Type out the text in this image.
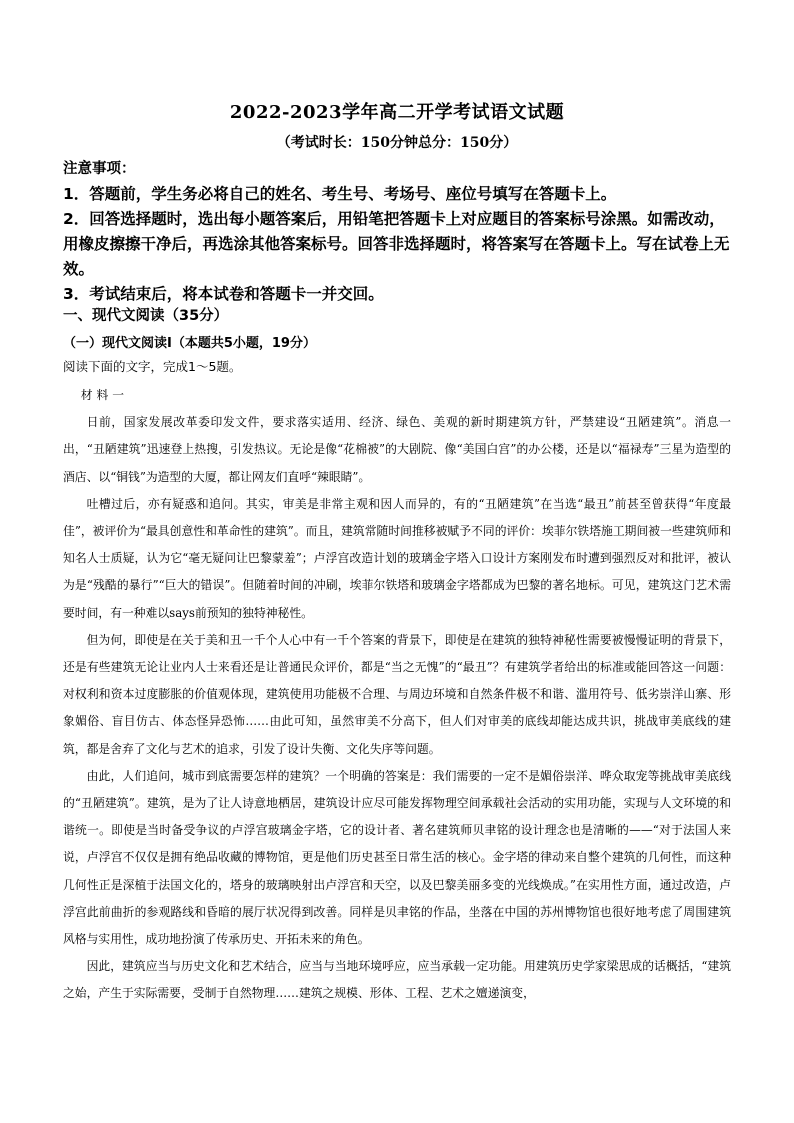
2022-2023学年高二开学考试语文试题
（考试时长：150分钟总分：150分）

注意事项：

1．答题前，学生务必将自己的姓名、考生号、考场号、座位号填写在答题卡上。

2．回答选择题时，选出每小题答案后，用铅笔把答题卡上对应题目的答案标号涂黑。如需改动，用橡皮擦擦干净后，再选涂其他答案标号。回答非选择题时，将答案写在答题卡上。写在试卷上无效。

3．考试结束后，将本试卷和答题卡一并交回。

一、现代文阅读（35分）
（一）现代文阅读I（本题共5小题，19分）
阅读下面的文字，完成1～5题。

材料一

日前，国家发展改革委印发文件，要求落实适用、经济、绿色、美观的新时期建筑方针，严禁建设“丑陋建筑”。消息一出，“丑陋建筑”迅速登上热搜，引发热议。无论是像“花棉被”的大剧院、像“美国白宫”的办公楼，还是以“福禄寿”三星为造型的酒店、以“铜钱”为造型的大厦，都让网友们直呼“辣眼睛”。

吐槽过后，亦有疑惑和追问。其实，审美是非常主观和因人而异的，有的“丑陋建筑”在当选“最丑”前甚至曾获得“年度最佳”，被评价为“最具创意性和革命性的建筑”。而且，建筑常随时间推移被赋予不同的评价：埃菲尔铁塔施工期间被一些建筑师和知名人士质疑，认为它“毫无疑问让巴黎蒙羞”；卢浮宫改造计划的玻璃金字塔入口设计方案刚发布时遭到强烈反对和批评，被认为是“残酷的暴行”“巨大的错误”。但随着时间的冲刷，埃菲尔铁塔和玻璃金字塔都成为巴黎的著名地标。可见，建筑这门艺术需要时间，有一种难以says前预知的独特神秘性。

但为何，即使是在关于美和丑一千个人心中有一千个答案的背景下，即使是在建筑的独特神秘性需要被慢慢证明的背景下，还是有些建筑无论让业内人士来看还是让普通民众评价，都是“当之无愧”的“最丑”？有建筑学者给出的标准或能回答这一问题：对权利和资本过度膨胀的价值观体现，建筑使用功能极不合理、与周边环境和自然条件极不和谐、滥用符号、低劣崇洋山寨、形象媚俗、盲目仿古、体态怪异恐怖……由此可知，虽然审美不分高下，但人们对审美的底线却能达成共识，挑战审美底线的建筑，都是舍弃了文化与艺术的追求，引发了设计失衡、文化失序等问题。

由此，人们追问，城市到底需要怎样的建筑？一个明确的答案是：我们需要的一定不是媚俗崇洋、哗众取宠等挑战审美底线的“丑陋建筑”。建筑，是为了让人诗意地栖居，建筑设计应尽可能发挥物理空间承载社会活动的实用功能，实现与人文环境的和谐统一。即使是当时备受争议的卢浮宫玻璃金字塔，它的设计者、著名建筑师贝聿铭的设计理念也是清晰的——“对于法国人来说，卢浮宫不仅仅是拥有绝品收藏的博物馆，更是他们历史甚至日常生活的核心。金字塔的律动来自整个建筑的几何性，而这种几何性正是深植于法国文化的，塔身的玻璃映射出卢浮宫和天空，以及巴黎美丽多变的光线焕成。”在实用性方面，通过改造，卢浮宫此前曲折的参观路线和昏暗的展厅状况得到改善。同样是贝聿铭的作品，坐落在中国的苏州博物馆也很好地考虑了周围建筑风格与实用性，成功地扮演了传承历史、开拓未来的角色。

因此，建筑应当与历史文化和艺术结合，应当与当地环境呼应，应当承载一定功能。用建筑历史学家梁思成的话概括，“建筑之始，产生于实际需要，受制于自然物理……建筑之规模、形体、工程、艺术之嬗递演变，
